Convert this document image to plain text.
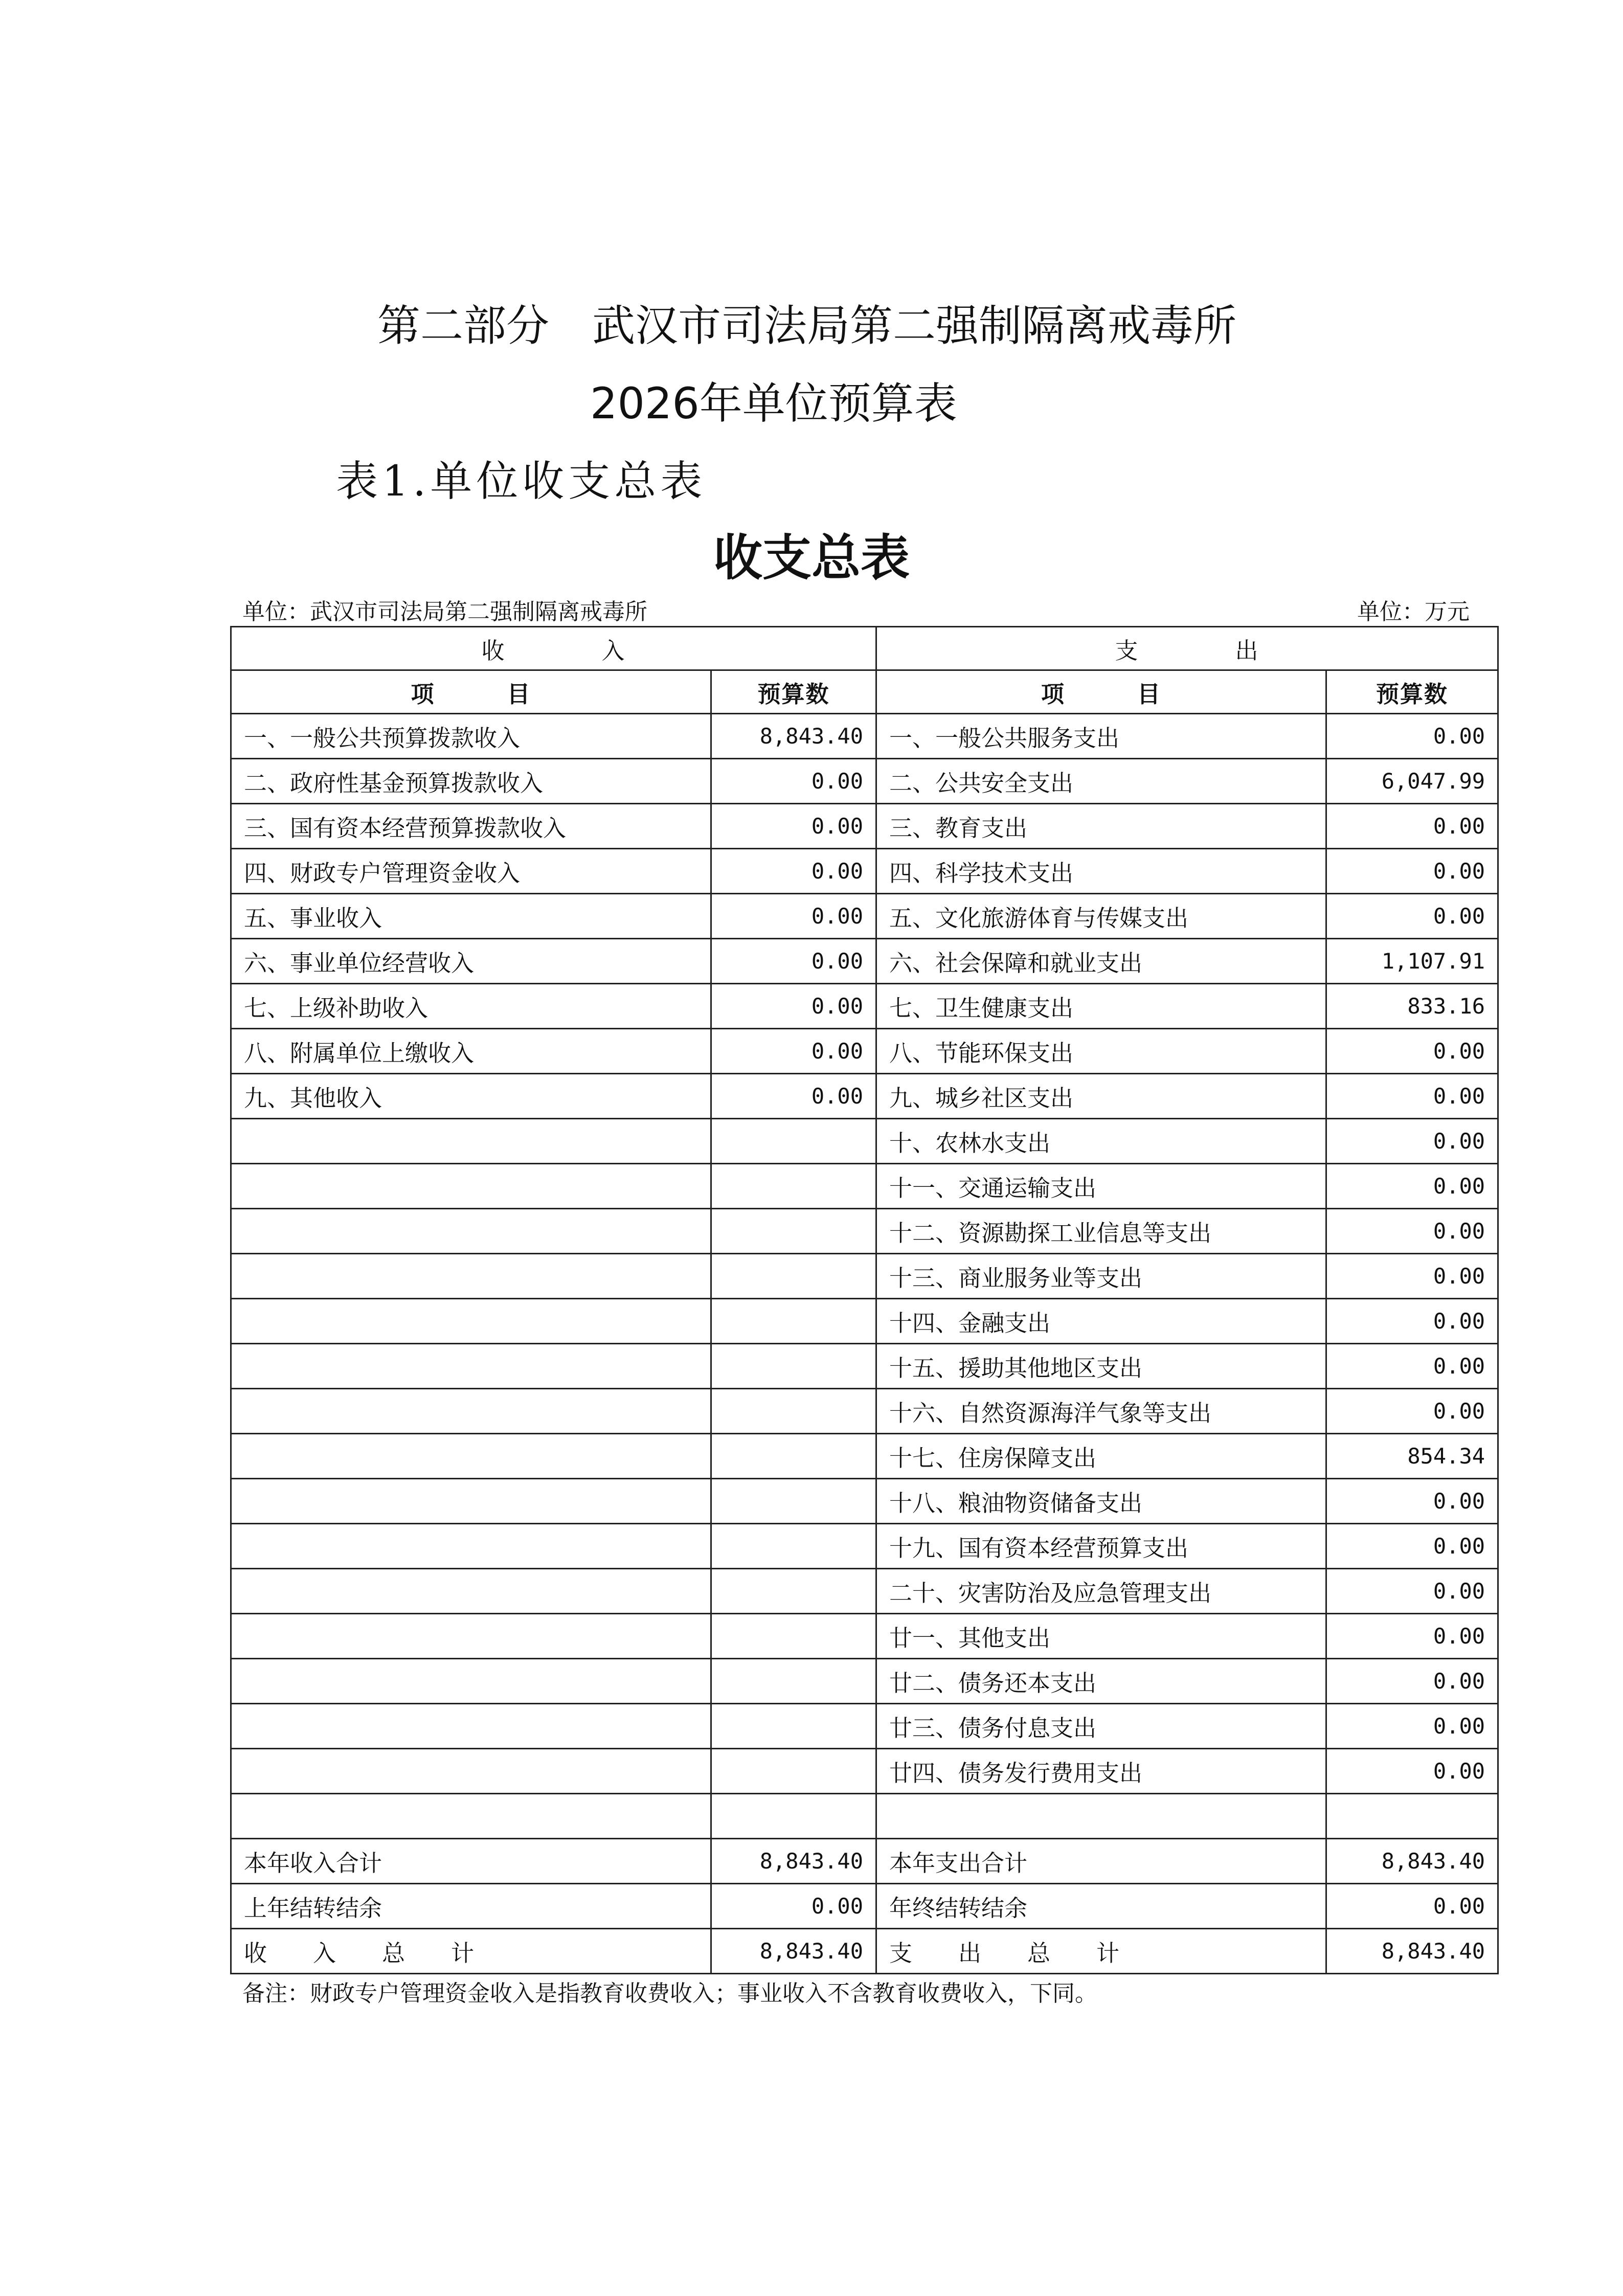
第二部分 武汉市司法局第二强制隔离戒毒所
2026年单位预算表
表1.单位收支总表
收支总表
单位：武汉市司法局第二强制隔离戒毒所	单位：万元
收　　　　入		支　　　　出	
项　　　目	预算数	项　　　目	预算数
一、一般公共预算拨款收入	8,843.40	一、一般公共服务支出	0.00
二、政府性基金预算拨款收入	0.00	二、公共安全支出	6,047.99
三、国有资本经营预算拨款收入	0.00	三、教育支出	0.00
四、财政专户管理资金收入	0.00	四、科学技术支出	0.00
五、事业收入	0.00	五、文化旅游体育与传媒支出	0.00
六、事业单位经营收入	0.00	六、社会保障和就业支出	1,107.91
七、上级补助收入	0.00	七、卫生健康支出	833.16
八、附属单位上缴收入	0.00	八、节能环保支出	0.00
九、其他收入	0.00	九、城乡社区支出	0.00
		十、农林水支出	0.00
		十一、交通运输支出	0.00
		十二、资源勘探工业信息等支出	0.00
		十三、商业服务业等支出	0.00
		十四、金融支出	0.00
		十五、援助其他地区支出	0.00
		十六、自然资源海洋气象等支出	0.00
		十七、住房保障支出	854.34
		十八、粮油物资储备支出	0.00
		十九、国有资本经营预算支出	0.00
		二十、灾害防治及应急管理支出	0.00
		廿一、其他支出	0.00
		廿二、债务还本支出	0.00
		廿三、债务付息支出	0.00
		廿四、债务发行费用支出	0.00

本年收入合计	8,843.40	本年支出合计	8,843.40
上年结转结余	0.00	年终结转结余	0.00
收　　入　　总　　计	8,843.40	支　　出　　总　　计	8,843.40
备注：财政专户管理资金收入是指教育收费收入；事业收入不含教育收费收入，下同。
